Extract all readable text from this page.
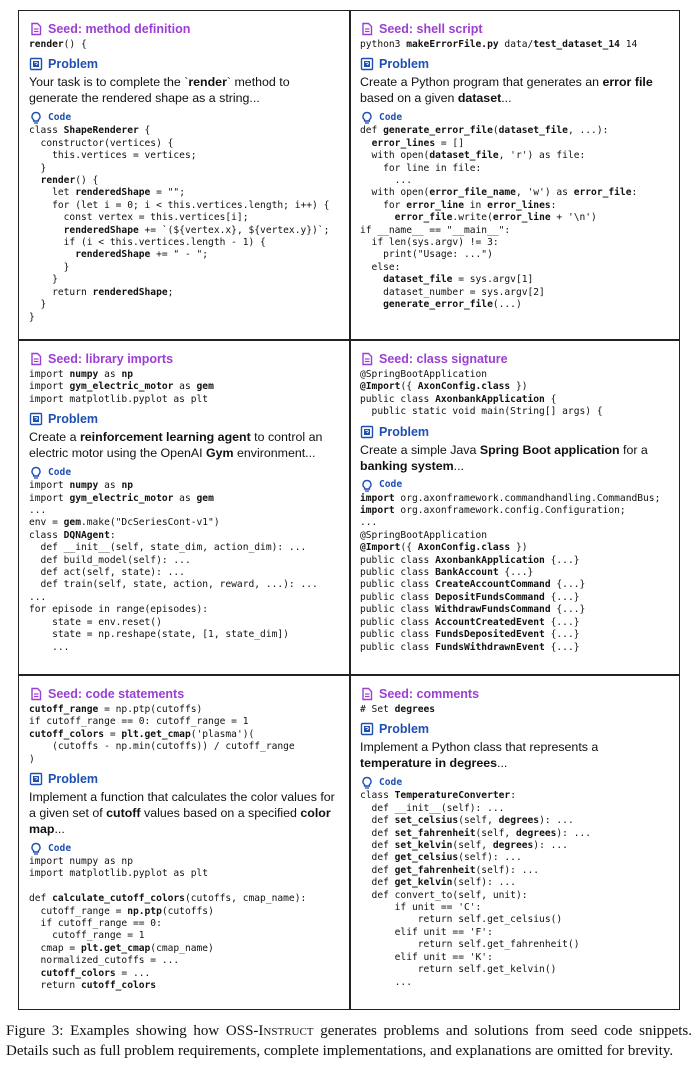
Seed: method definition
render() {
Problem

Your task is to complete the `render` method to generate the rendered shape as a string...

Code
class ShapeRenderer {
constructor(vertices) {
this.vertices = vertices;
}
render() {
let renderedShape = "";
for (let i = 0; i < this.vertices.length; i++) {
const vertex = this.vertices[i];
renderedShape += `(${vertex.x}, ${vertex.y})`;
if (i < this.vertices.length - 1) {
renderedShape += " - ";
}
}
return renderedShape;
}
}
Seed: shell script
python3 makeErrorFile.py data/test_dataset_14 14
Problem

Create a Python program that generates an error file based on a given dataset...

Code
def generate_error_file(dataset_file, ...):
error_lines = []
with open(dataset_file, 'r') as file:
for line in file:
...
with open(error_file_name, 'w') as error_file:
for error_line in error_lines:
error_file.write(error_line + '\n')
if __name__ == "__main__":
if len(sys.argv) != 3:
print("Usage: ...")
else:
dataset_file = sys.argv[1]
dataset_number = sys.argv[2]
generate_error_file(...)
Seed: library imports
import numpy as np
import gym_electric_motor as gem
import matplotlib.pyplot as plt
Problem

Create a reinforcement learning agent to control an electric motor using the OpenAI Gym environment...

Code
import numpy as np
import gym_electric_motor as gem
...
env = gem.make("DcSeriesCont-v1")
class DQNAgent:
def __init__(self, state_dim, action_dim): ...
def build_model(self): ...
def act(self, state): ...
def train(self, state, action, reward, ...): ...
...
for episode in range(episodes):
state = env.reset()
state = np.reshape(state, [1, state_dim])
...
Seed: class signature
@SpringBootApplication
@Import({ AxonConfig.class })
public class AxonbankApplication {
public static void main(String[] args) {
Problem

Create a simple Java Spring Boot application for a banking system...

Code
import org.axonframework.commandhandling.CommandBus;
import org.axonframework.config.Configuration;
...
@SpringBootApplication
@Import({ AxonConfig.class })
public class AxonbankApplication {...}
public class BankAccount {...}
public class CreateAccountCommand {...}
public class DepositFundsCommand {...}
public class WithdrawFundsCommand {...}
public class AccountCreatedEvent {...}
public class FundsDepositedEvent {...}
public class FundsWithdrawnEvent {...}
Seed: code statements
cutoff_range = np.ptp(cutoffs)
if cutoff_range == 0: cutoff_range = 1
cutoff_colors = plt.get_cmap('plasma')(
(cutoffs - np.min(cutoffs)) / cutoff_range
)
Problem

Implement a function that calculates the color values for a given set of cutoff values based on a specified color map...

Code
import numpy as np
import matplotlib.pyplot as plt

def calculate_cutoff_colors(cutoffs, cmap_name):
cutoff_range = np.ptp(cutoffs)
if cutoff_range == 0:
cutoff_range = 1
cmap = plt.get_cmap(cmap_name)
normalized_cutoffs = ...
cutoff_colors = ...
return cutoff_colors
Seed: comments
# Set degrees
Problem

Implement a Python class that represents a temperature in degrees...

Code
class TemperatureConverter:
def __init__(self): ...
def set_celsius(self, degrees): ...
def set_fahrenheit(self, degrees): ...
def set_kelvin(self, degrees): ...
def get_celsius(self): ...
def get_fahrenheit(self): ...
def get_kelvin(self): ...
def convert_to(self, unit):
if unit == 'C':
return self.get_celsius()
elif unit == 'F':
return self.get_fahrenheit()
elif unit == 'K':
return self.get_kelvin()
...
Figure 3: Examples showing how OSS-Instruct generates problems and solutions from seed code snippets. Details such as full problem requirements, complete implementations, and explanations are omitted for brevity.
